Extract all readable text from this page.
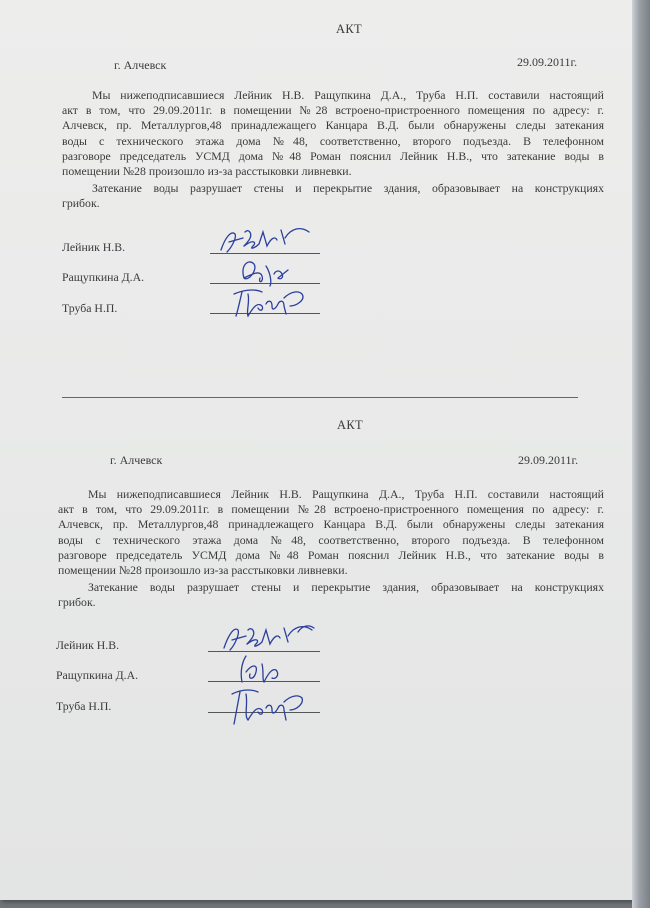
АКТ
г. Алчевск	29.09.2011г.
Мы нижеподписавшиеся Лейник Н.В. Ращупкина Д.А., Труба Н.П. составили настоящий
акт в том, что 29.09.2011г. в помещении №28 встроено-пристроенного помещения по адресу: г.
Алчевск, пр. Металлургов,48 принадлежащего Канцара В.Д. были обнаружены следы затекания
воды с технического этажа дома №48, соответственно, второго подъезда. В телефонном
разговоре председатель УСМД дома №48 Роман пояснил Лейник Н.В., что затекание воды в
помещении №28 произошло из-за расстыковки ливневки.
Затекание воды разрушает стены и перекрытие здания, образовывает на конструкциях
грибок.
Лейник Н.В.
Ращупкина Д.А.
Труба Н.П.
АКТ
г. Алчевск	29.09.2011г.
Мы нижеподписавшиеся Лейник Н.В. Ращупкина Д.А., Труба Н.П. составили настоящий
акт в том, что 29.09.2011г. в помещении №28 встроено-пристроенного помещения по адресу: г.
Алчевск, пр. Металлургов,48 принадлежащего Канцара В.Д. были обнаружены следы затекания
воды с технического этажа дома №48, соответственно, второго подъезда. В телефонном
разговоре председатель УСМД дома №48 Роман пояснил Лейник Н.В., что затекание воды в
помещении №28 произошло из-за расстыковки ливневки.
Затекание воды разрушает стены и перекрытие здания, образовывает на конструкциях
грибок.
Лейник Н.В.
Ращупкина Д.А.
Труба Н.П.
